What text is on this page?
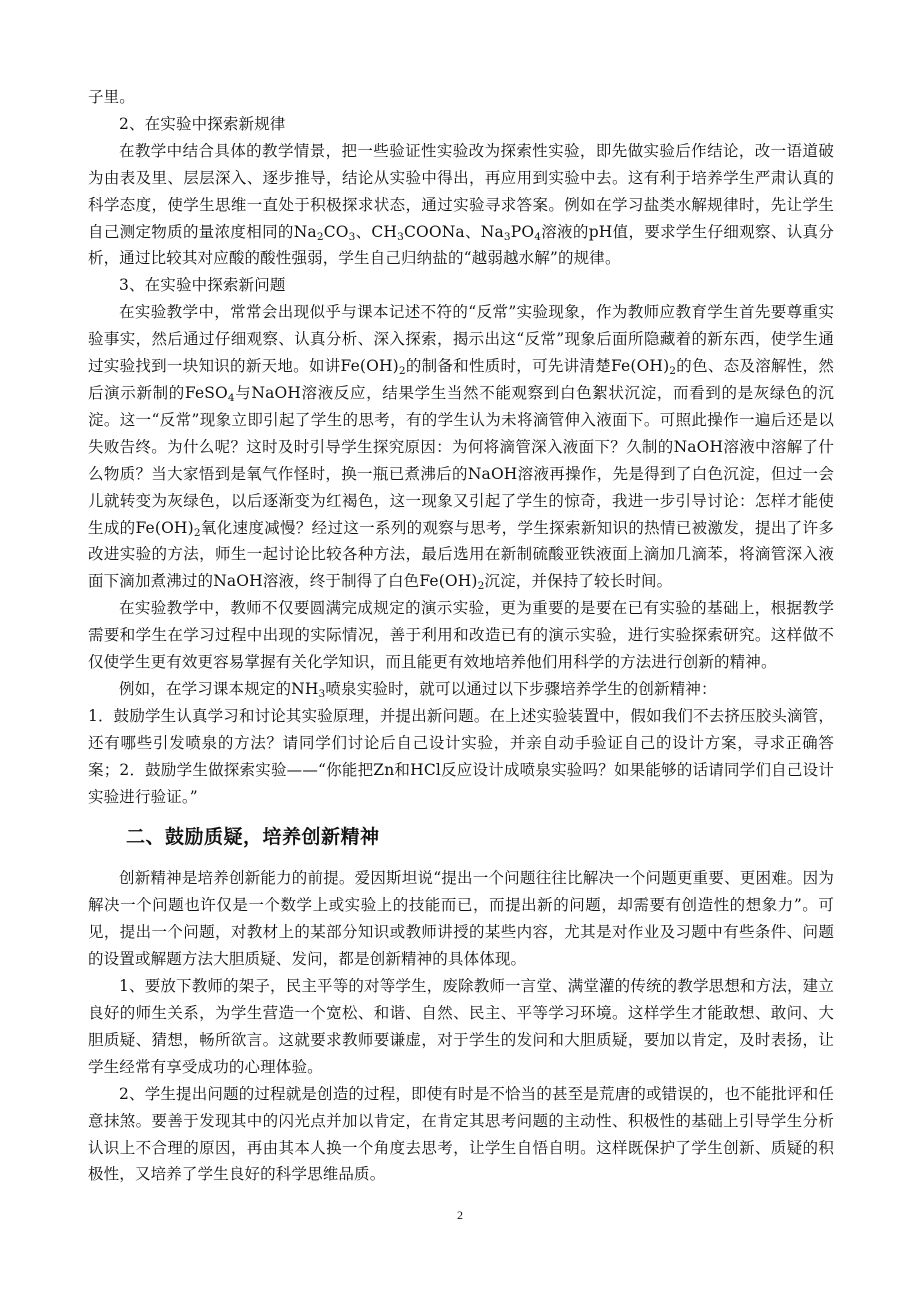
子里。

2、在实验中探索新规律

在教学中结合具体的教学情景，把一些验证性实验改为探索性实验，即先做实验后作结论，改一语道破为由表及里、层层深入、逐步推导，结论从实验中得出，再应用到实验中去。这有利于培养学生严肃认真的科学态度，使学生思维一直处于积极探求状态，通过实验寻求答案。例如在学习盐类水解规律时，先让学生自己测定物质的量浓度相同的$Na_2CO_3$、$CH_3COONa$、$Na_3PO_4$溶液的pH值，要求学生仔细观察、认真分析，通过比较其对应酸的酸性强弱，学生自己归纳盐的“越弱越水解”的规律。

3、在实验中探索新问题

在实验教学中，常常会出现似乎与课本记述不符的“反常”实验现象，作为教师应教育学生首先要尊重实验事实，然后通过仔细观察、认真分析、深入探索，揭示出这“反常”现象后面所隐藏着的新东西，使学生通过实验找到一块知识的新天地。如讲$Fe(OH)_2$的制备和性质时，可先讲清楚$Fe(OH)_2$的色、态及溶解性，然后演示新制的FeSO$_4$与NaOH溶液反应，结果学生当然不能观察到白色絮状沉淀，而看到的是灰绿色的沉淀。这一“反常”现象立即引起了学生的思考，有的学生认为未将滴管伸入液面下。可照此操作一遍后还是以失败告终。为什么呢？这时及时引导学生探究原因：为何将滴管深入液面下？久制的NaOH溶液中溶解了什么物质？当大家悟到是氧气作怪时，换一瓶已煮沸后的NaOH溶液再操作，先是得到了白色沉淀，但过一会儿就转变为灰绿色，以后逐渐变为红褐色，这一现象又引起了学生的惊奇，我进一步引导讨论：怎样才能使生成的$Fe(OH)_2$氧化速度减慢？经过这一系列的观察与思考，学生探索新知识的热情已被激发，提出了许多改进实验的方法，师生一起讨论比较各种方法，最后选用在新制硫酸亚铁液面上滴加几滴苯，将滴管深入液面下滴加煮沸过的NaOH溶液，终于制得了白色$Fe(OH)_2$沉淀，并保持了较长时间。

在实验教学中，教师不仅要圆满完成规定的演示实验，更为重要的是要在已有实验的基础上，根据教学需要和学生在学习过程中出现的实际情况，善于利用和改造已有的演示实验，进行实验探索研究。这样做不仅使学生更有效更容易掌握有关化学知识，而且能更有效地培养他们用科学的方法进行创新的精神。

例如，在学习课本规定的$NH_3$喷泉实验时，就可以通过以下步骤培养学生的创新精神：

1．鼓励学生认真学习和讨论其实验原理，并提出新问题。在上述实验装置中，假如我们不去挤压胶头滴管，还有哪些引发喷泉的方法？请同学们讨论后自己设计实验，并亲自动手验证自己的设计方案，寻求正确答案；2．鼓励学生做探索实验——“你能把Zn和HCl反应设计成喷泉实验吗？如果能够的话请同学们自己设计实验进行验证。”

二、鼓励质疑，培养创新精神

创新精神是培养创新能力的前提。爱因斯坦说“提出一个问题往往比解决一个问题更重要、更困难。因为解决一个问题也许仅是一个数学上或实验上的技能而已，而提出新的问题，却需要有创造性的想象力”。可见，提出一个问题，对教材上的某部分知识或教师讲授的某些内容，尤其是对作业及习题中有些条件、问题的设置或解题方法大胆质疑、发问，都是创新精神的具体体现。

1、要放下教师的架子，民主平等的对等学生，废除教师一言堂、满堂灌的传统的教学思想和方法，建立良好的师生关系，为学生营造一个宽松、和谐、自然、民主、平等学习环境。这样学生才能敢想、敢问、大胆质疑、猜想，畅所欲言。这就要求教师要谦虚，对于学生的发问和大胆质疑，要加以肯定，及时表扬，让学生经常有享受成功的心理体验。

2、学生提出问题的过程就是创造的过程，即使有时是不恰当的甚至是荒唐的或错误的，也不能批评和任意抹煞。要善于发现其中的闪光点并加以肯定，在肯定其思考问题的主动性、积极性的基础上引导学生分析认识上不合理的原因，再由其本人换一个角度去思考，让学生自悟自明。这样既保护了学生创新、质疑的积极性，又培养了学生良好的科学思维品质。

2
